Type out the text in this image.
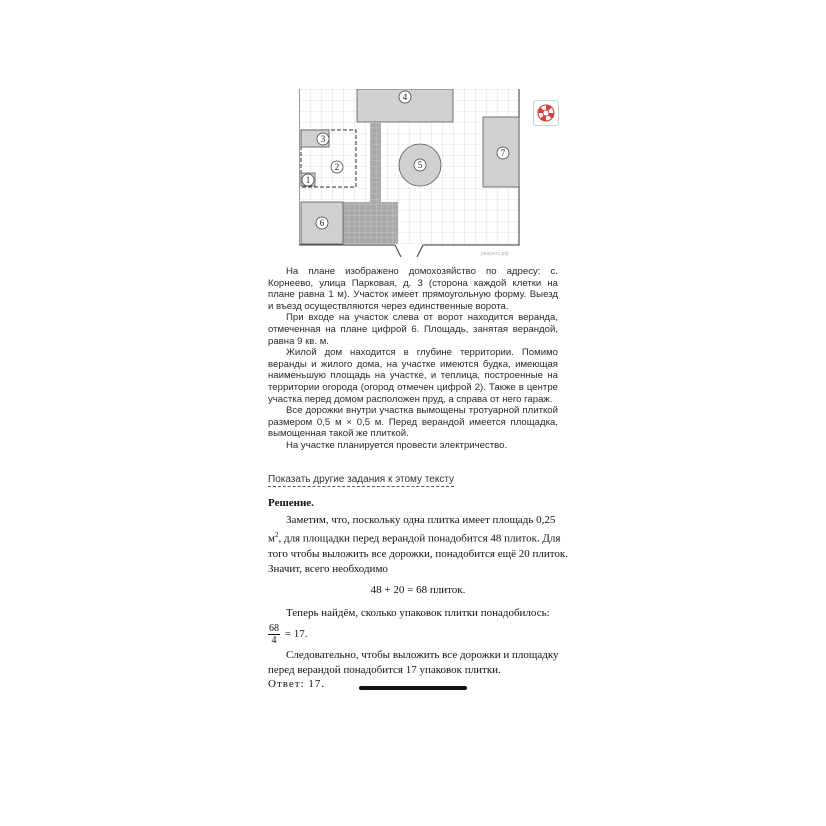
4
3
2
1
5
7
6
решуегэ.рф

На плане изображено домохозяйство по адресу: с. Корнеево, улица Парковая, д. 3 (сторона каждой клетки на плане равна 1 м). Участок имеет прямоугольную форму. Выезд и въезд осуществляются через единственные ворота.

При входе на участок слева от ворот находится веранда, отмеченная на плане цифрой 6. Площадь, занятая верандой, равна 9 кв. м.

Жилой дом находится в глубине территории. Помимо веранды и жилого дома, на участке имеются будка, имеющая наименьшую площадь на участке, и теплица, построенные на территории огорода (огород отмечен цифрой 2). Также в центре участка перед домом расположен пруд, а справа от него гараж.

Все дорожки внутри участка вымощены тротуарной плиткой размером 0,5 м × 0,5 м. Перед верандой имеется площадка, вымощенная такой же плиткой.

На участке планируется провести электричество.

Показать другие задания к этому тексту
Решение.

Заметим, что, поскольку одна плитка имеет площадь 0,25 $м^2$, для площадки перед верандой понадобится 48 плиток. Для того чтобы выложить все дорожки, понадобится ещё 20 плиток. Значит, всего необходимо

48 + 20 = 68 плиток.

Теперь найдём, сколько упаковок плитки понадобилось:

$\frac{68}{4} = 17$.

Следовательно, чтобы выложить все дорожки и площадку перед верандой понадобится 17 упаковок плитки.

Ответ: 17.
